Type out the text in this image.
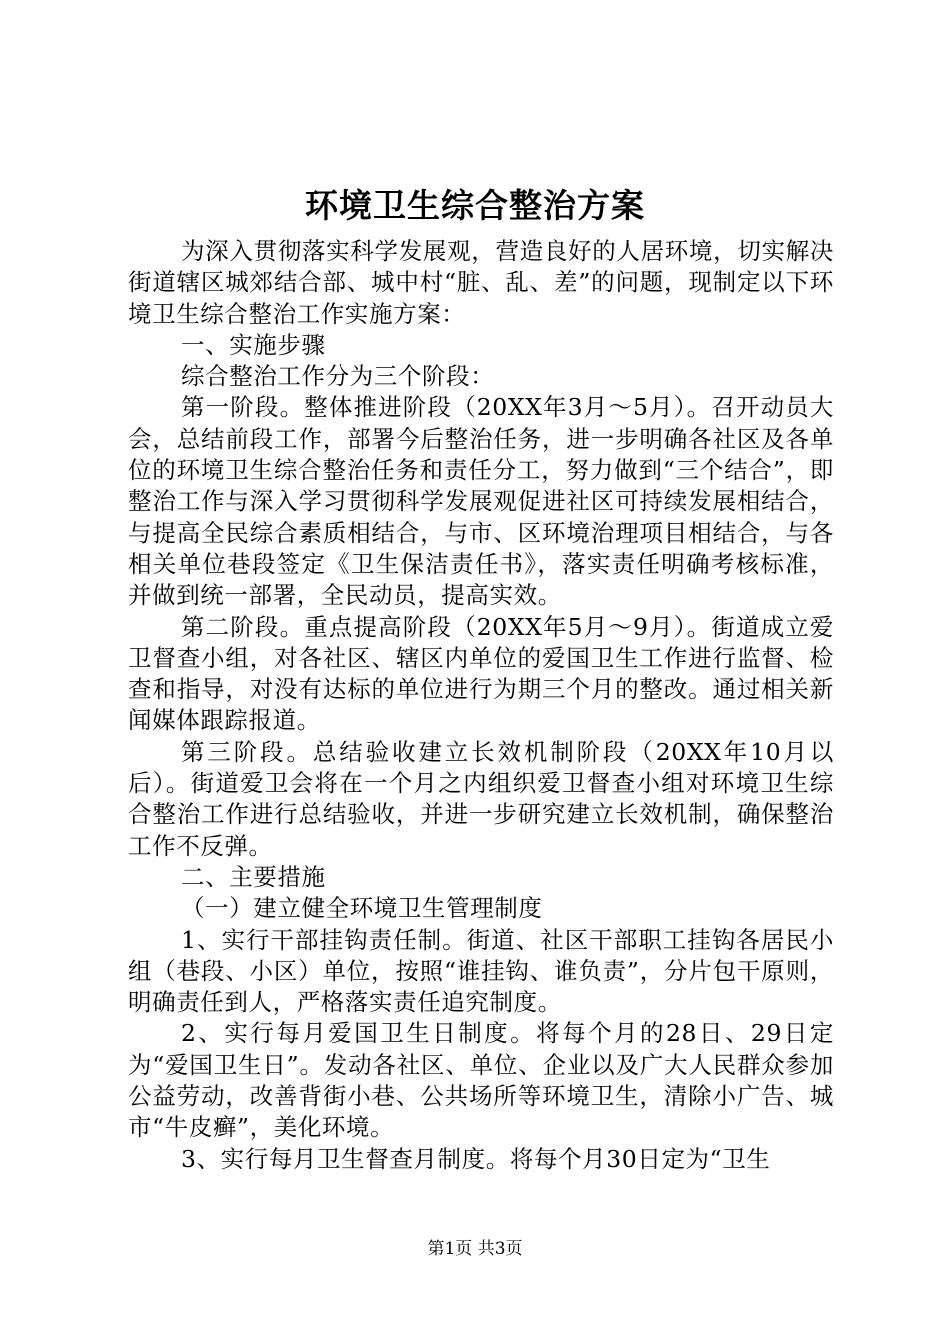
环境卫生综合整治方案

为深入贯彻落实科学发展观，营造良好的人居环境，切实解决街道辖区城郊结合部、城中村“脏、乱、差”的问题，现制定以下环境卫生综合整治工作实施方案：

一、实施步骤

综合整治工作分为三个阶段：

第一阶段。整体推进阶段（20XX年3月～5月）。召开动员大会，总结前段工作，部署今后整治任务，进一步明确各社区及各单位的环境卫生综合整治任务和责任分工，努力做到“三个结合”，即整治工作与深入学习贯彻科学发展观促进社区可持续发展相结合，与提高全民综合素质相结合，与市、区环境治理项目相结合，与各相关单位巷段签定《卫生保洁责任书》，落实责任明确考核标准，并做到统一部署，全民动员，提高实效。

第二阶段。重点提高阶段（20XX年5月～9月）。街道成立爱卫督查小组，对各社区、辖区内单位的爱国卫生工作进行监督、检查和指导，对没有达标的单位进行为期三个月的整改。通过相关新闻媒体跟踪报道。

第三阶段。总结验收建立长效机制阶段（20XX年10月以后）。街道爱卫会将在一个月之内组织爱卫督查小组对环境卫生综合整治工作进行总结验收，并进一步研究建立长效机制，确保整治工作不反弹。

二、主要措施

（一）建立健全环境卫生管理制度

1、实行干部挂钩责任制。街道、社区干部职工挂钩各居民小组（巷段、小区）单位，按照“谁挂钩、谁负责”，分片包干原则，明确责任到人，严格落实责任追究制度。

2、实行每月爱国卫生日制度。将每个月的28日、29日定为“爱国卫生日”。发动各社区、单位、企业以及广大人民群众参加公益劳动，改善背街小巷、公共场所等环境卫生，清除小广告、城市“牛皮癣”，美化环境。

3、实行每月卫生督查月制度。将每个月30日定为“卫生

第1页 共3页
